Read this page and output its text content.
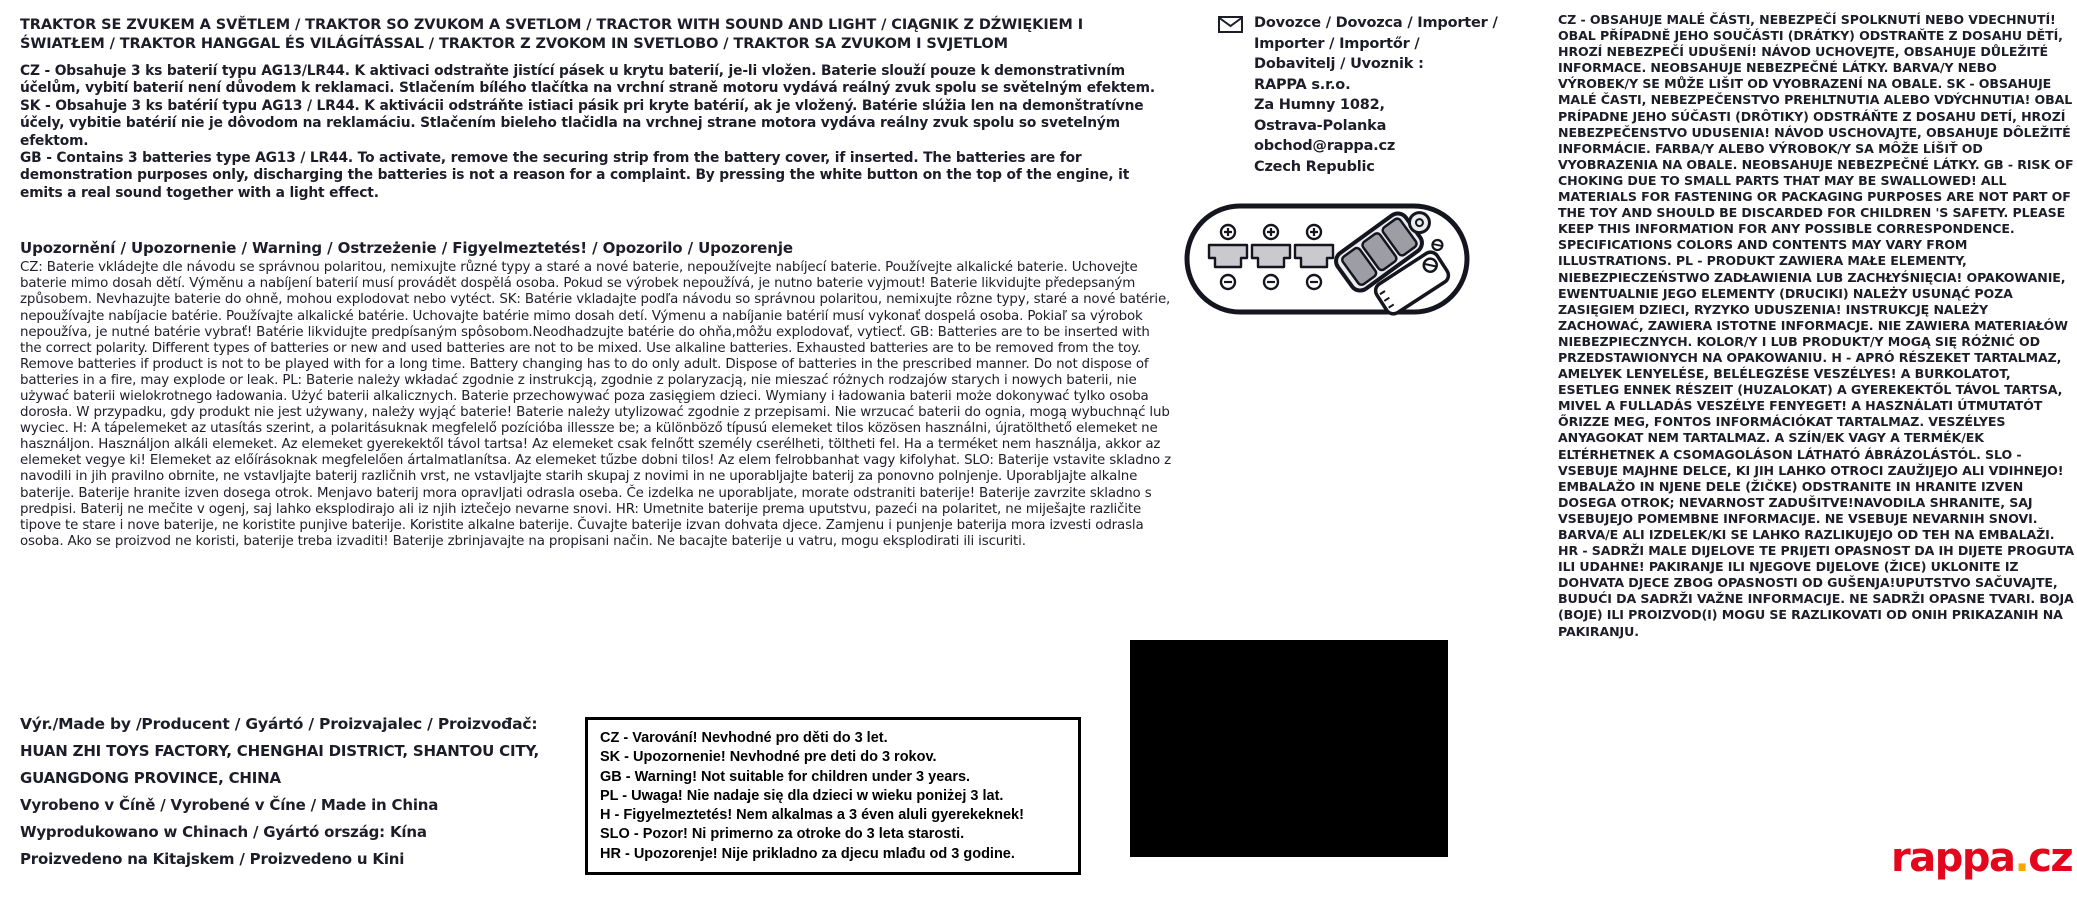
TRAKTOR SE ZVUKEM A SVĚTLEM / TRAKTOR SO ZVUKOM A SVETLOM / TRACTOR WITH SOUND AND LIGHT / CIĄGNIK Z DŹWIĘKIEM I ŚWIATŁEM / TRAKTOR HANGGAL ÉS VILÁGÍTÁSSAL / TRAKTOR Z ZVOKOM IN SVETLOBO / TRAKTOR SA ZVUKOM I SVJETLOM

CZ - Obsahuje 3 ks baterií typu AG13/LR44. K aktivaci odstraňte jistící pásek u krytu baterií, je-li vložen. Baterie slouží pouze k demonstrativním účelům, vybití baterií není důvodem k reklamaci. Stlačením bílého tlačítka na vrchní straně motoru vydává reálný zvuk spolu se světelným efektem.

SK - Obsahuje 3 ks batérií typu AG13 / LR44. K aktivácii odstráňte istiaci pásik pri kryte batérií, ak je vložený. Batérie slúžia len na demonštratívne účely, vybitie batérií nie je dôvodom na reklamáciu. Stlačením bieleho tlačidla na vrchnej strane motora vydáva reálny zvuk spolu so svetelným efektom.

GB - Contains 3 batteries type AG13 / LR44. To activate, remove the securing strip from the battery cover, if inserted. The batteries are for demonstration purposes only, discharging the batteries is not a reason for a complaint. By pressing the white button on the top of the engine, it emits a real sound together with a light effect.

Upozornění / Upozornenie / Warning / Ostrzeżenie / Figyelmeztetés! / Opozorilo / Upozorenje
CZ: Baterie vkládejte dle návodu se správnou polaritou, nemixujte různé typy a staré a nové baterie, nepoužívejte nabíjecí baterie. Používejte alkalické baterie. Uchovejte baterie mimo dosah dětí. Výměnu a nabíjení baterií musí provádět dospělá osoba. Pokud se výrobek nepoužívá, je nutno baterie vyjmout! Baterie likvidujte předepsaným způsobem. Nevhazujte baterie do ohně, mohou explodovat nebo vytéct. SK: Batérie vkladajte podľa návodu so správnou polaritou, nemixujte rôzne typy, staré a nové batérie, nepoužívajte nabíjacie batérie. Používajte alkalické batérie. Uchovajte batérie mimo dosah detí. Výmenu a nabíjanie batérií musí vykonať dospelá osoba. Pokiaľ sa výrobok nepoužíva, je nutné batérie vybrať! Batérie likvidujte predpísaným spôsobom.Neodhadzujte batérie do ohňa,môžu explodovať, vytiecť. GB: Batteries are to be inserted with the correct polarity. Different types of batteries or new and used batteries are not to be mixed. Use alkaline batteries. Exhausted batteries are to be removed from the toy. Remove batteries if product is not to be played with for a long time. Battery changing has to do only adult. Dispose of batteries in the prescribed manner. Do not dispose of batteries in a fire, may explode or leak. PL: Baterie należy wkładać zgodnie z instrukcją, zgodnie z polaryzacją, nie mieszać różnych rodzajów starych i nowych baterii, nie używać baterii wielokrotnego ładowania. Użyć baterii alkalicznych. Baterie przechowywać poza zasięgiem dzieci. Wymiany i ładowania baterii może dokonywać tylko osoba dorosła. W przypadku, gdy produkt nie jest używany, należy wyjąć baterie! Baterie należy utylizować zgodnie z przepisami. Nie wrzucać baterii do ognia, mogą wybuchnąć lub wyciec. H: A tápelemeket az utasítás szerint, a polaritásuknak megfelelő pozícióba illessze be; a különböző típusú elemeket tilos közösen használni, újratölthető elemeket ne használjon. Használjon alkáli elemeket. Az elemeket gyerekektől távol tartsa! Az elemeket csak felnőtt személy cserélheti, töltheti fel. Ha a terméket nem használja, akkor az elemeket vegye ki! Elemeket az előírásoknak megfelelően ártalmatlanítsa. Az elemeket tűzbe dobni tilos! Az elem felrobbanhat vagy kifolyhat. SLO: Baterije vstavite skladno z navodili in jih pravilno obrnite, ne vstavljajte baterij različnih vrst, ne vstavljajte starih skupaj z novimi in ne uporabljajte baterij za ponovno polnjenje. Uporabljajte alkalne baterije. Baterije hranite izven dosega otrok. Menjavo baterij mora opravljati odrasla oseba. Če izdelka ne uporabljate, morate odstraniti baterije! Baterije zavrzite skladno s predpisi. Baterij ne mečite v ogenj, saj lahko eksplodirajo ali iz njih iztečejo nevarne snovi. HR: Umetnite baterije prema uputstvu, pazeći na polaritet, ne miješajte različite tipove te stare i nove baterije, ne koristite punjive baterije. Koristite alkalne baterije. Čuvajte baterije izvan dohvata djece. Zamjenu i punjenje baterija mora izvesti odrasla osoba. Ako se proizvod ne koristi, baterije treba izvaditi! Baterije zbrinjavajte na propisani način. Ne bacajte baterije u vatru, mogu eksplodirati ili iscuriti.
Výr./Made by /Producent / Gyártó / Proizvajalec / Proizvođač:
HUAN ZHI TOYS FACTORY, CHENGHAI DISTRICT, SHANTOU CITY,
GUANGDONG PROVINCE, CHINA
Vyrobeno v Číně / Vyrobené v Číne / Made in China
Wyprodukowano w Chinach / Gyártó ország: Kína
Proizvedeno na Kitajskem / Proizvedeno u Kini
CZ - Varování! Nevhodné pro děti do 3 let.
SK - Upozornenie! Nevhodné pre deti do 3 rokov.
GB - Warning! Not suitable for children under 3 years.
PL - Uwaga! Nie nadaje się dla dzieci w wieku poniżej 3 lat.
H - Figyelmeztetés! Nem alkalmas a 3 éven aluli gyerekeknek!
SLO - Pozor! Ni primerno za otroke do 3 leta starosti.
HR - Upozorenje! Nije prikladno za djecu mlađu od 3 godine.
Dovozce / Dovozca / Importer /
Importer / Importőr /
Dobavitelj / Uvoznik :
RAPPA s.r.o.
Za Humny 1082,
Ostrava-Polanka
obchod@rappa.cz
Czech Republic
CZ - OBSAHUJE MALÉ ČÁSTI, NEBEZPEČÍ SPOLKNUTÍ NEBO VDECHNUTÍ! OBAL PŘÍPADNĚ JEHO SOUČÁSTI (DRÁTKY) ODSTRAŇTE Z DOSAHU DĚTÍ, HROZÍ NEBEZPEČÍ UDUŠENÍ! NÁVOD UCHOVEJTE, OBSAHUJE DŮLEŽITÉ INFORMACE. NEOBSAHUJE NEBEZPEČNÉ LÁTKY. BARVA/Y NEBO VÝROBEK/Y SE MŮŽE LIŠIT OD VYOBRAZENÍ NA OBALE. SK - OBSAHUJE MALÉ ČASTI, NEBEZPEČENSTVO PREHLTNUTIA ALEBO VDÝCHNUTIA! OBAL PRÍPADNE JEHO SÚČASTI (DRÔTIKY) ODSTRÁŇTE Z DOSAHU DETÍ, HROZÍ NEBEZPEČENSTVO UDUSENIA! NÁVOD USCHOVAJTE, OBSAHUJE DÔLEŽITÉ INFORMÁCIE. FARBA/Y ALEBO VÝROBOK/Y SA MÔŽE LÍŠIŤ OD VYOBRAZENIA NA OBALE. NEOBSAHUJE NEBEZPEČNÉ LÁTKY. GB - RISK OF CHOKING DUE TO SMALL PARTS THAT MAY BE SWALLOWED! ALL MATERIALS FOR FASTENING OR PACKAGING PURPOSES ARE NOT PART OF THE TOY AND SHOULD BE DISCARDED FOR CHILDREN 'S SAFETY. PLEASE KEEP THIS INFORMATION FOR ANY POSSIBLE CORRESPONDENCE. SPECIFICATIONS COLORS AND CONTENTS MAY VARY FROM ILLUSTRATIONS. PL - PRODUKT ZAWIERA MAŁE ELEMENTY, NIEBEZPIECZEŃSTWO ZADŁAWIENIA LUB ZACHŁYŚNIĘCIA! OPAKOWANIE, EWENTUALNIE JEGO ELEMENTY (DRUCIKI) NALEŻY USUNĄĆ POZA ZASIĘGIEM DZIECI, RYZYKO UDUSZENIA! INSTRUKCJĘ NALEŻY ZACHOWAĆ, ZAWIERA ISTOTNE INFORMACJE. NIE ZAWIERA MATERIAŁÓW NIEBEZPIECZNYCH. KOLOR/Y I LUB PRODUKT/Y MOGĄ SIĘ RÓŻNIĆ OD PRZEDSTAWIONYCH NA OPAKOWANIU. H - APRÓ RÉSZEKET TARTALMAZ, AMELYEK LENYELÉSE, BELÉLEGZÉSE VESZÉLYES! A BURKOLATOT, ESETLEG ENNEK RÉSZEIT (HUZALOKAT) A GYEREKEKTŐL TÁVOL TARTSA, MIVEL A FULLADÁS VESZÉLYE FENYEGET! A HASZNÁLATI ÚTMUTATÓT ŐRIZZE MEG, FONTOS INFORMÁCIÓKAT TARTALMAZ. VESZÉLYES ANYAGOKAT NEM TARTALMAZ. A SZÍN/EK VAGY A TERMÉK/EK ELTÉRHETNEK A CSOMAGOLÁSON LÁTHATÓ ÁBRÁZOLÁSTÓL. SLO - VSEBUJE MAJHNE DELCE, KI JIH LAHKO OTROCI ZAUŽIJEJO ALI VDIHNEJO! EMBALAŽO IN NJENE DELE (ŽIČKE) ODSTRANITE IN HRANITE IZVEN DOSEGA OTROK; NEVARNOST ZADUŠITVE!NAVODILA SHRANITE, SAJ VSEBUJEJO POMEMBNE INFORMACIJE. NE VSEBUJE NEVARNIH SNOVI. BARVA/E ALI IZDELEK/KI SE LAHKO RAZLIKUJEJO OD TEH NA EMBALAŽI. HR - SADRŽI MALE DIJELOVE TE PRIJETI OPASNOST DA IH DIJETE PROGUTA ILI UDAHNE! PAKIRANJE ILI NJEGOVE DIJELOVE (ŽICE) UKLONITE IZ DOHVATA DJECE ZBOG OPASNOSTI OD GUŠENJA!UPUTSTVO SAČUVAJTE, BUDUĆI DA SADRŽI VAŽNE INFORMACIJE. NE SADRŽI OPASNE TVARI. BOJA (BOJE) ILI PROIZVOD(I) MOGU SE RAZLIKOVATI OD ONIH PRIKAZANIH NA PAKIRANJU.
rappa.cz
